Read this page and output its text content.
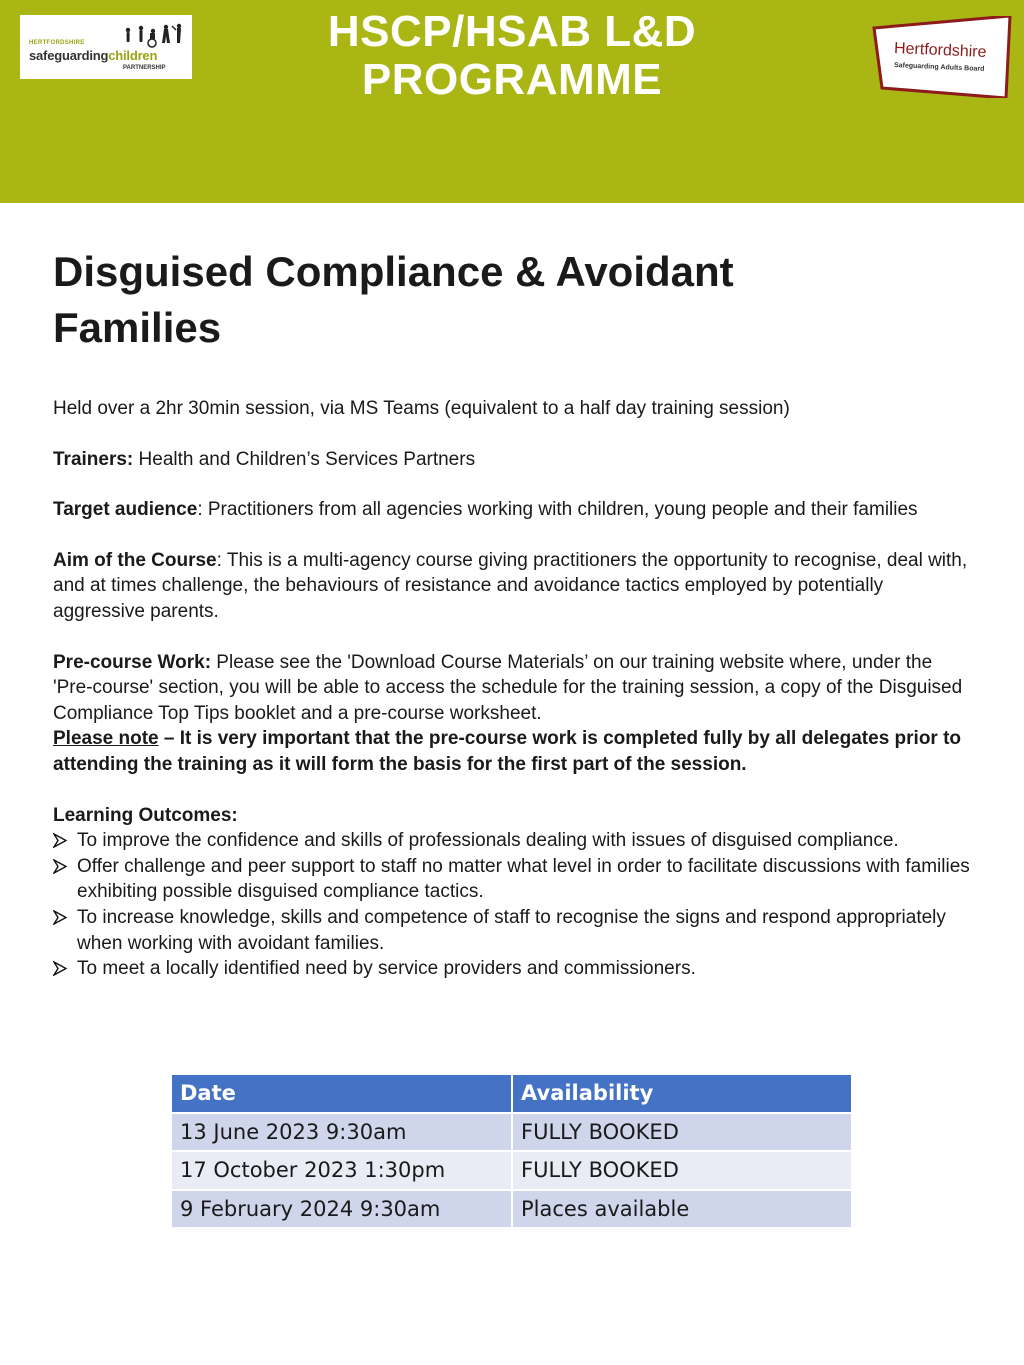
HERTFORDSHIRE
safeguardingchildren
PARTNERSHIP
HSCP/HSAB L&D
PROGRAMME
Hertfordshire
Safeguarding Adults Board
Disguised Compliance & Avoidant Families

Held over a 2hr 30min session, via MS Teams (equivalent to a half day training session)

Trainers: Health and Children’s Services Partners

Target audience: Practitioners from all agencies working with children, young people and their families

Aim of the Course: This is a multi-agency course giving practitioners the opportunity to recognise, deal with, and at times challenge, the behaviours of resistance and avoidance tactics employed by potentially aggressive parents.

Pre-course Work: Please see the 'Download Course Materials’ on our training website where, under the 'Pre-course' section, you will be able to access the schedule for the training session, a copy of the Disguised Compliance Top Tips booklet and a pre-course worksheet.

Please note – It is very important that the pre-course work is completed fully by all delegates prior to attending the training as it will form the basis for the first part of the session.

Learning Outcomes:

To improve the confidence and skills of professionals dealing with issues of disguised compliance.
Offer challenge and peer support to staff no matter what level in order to facilitate discussions with families exhibiting possible disguised compliance tactics.
To increase knowledge, skills and competence of staff to recognise the signs and respond appropriately when working with avoidant families.
To meet a locally identified need by service providers and commissioners.
Date	Availability
13 June 2023 9:30am	FULLY BOOKED
17 October 2023 1:30pm	FULLY BOOKED
9 February 2024 9:30am	Places available
